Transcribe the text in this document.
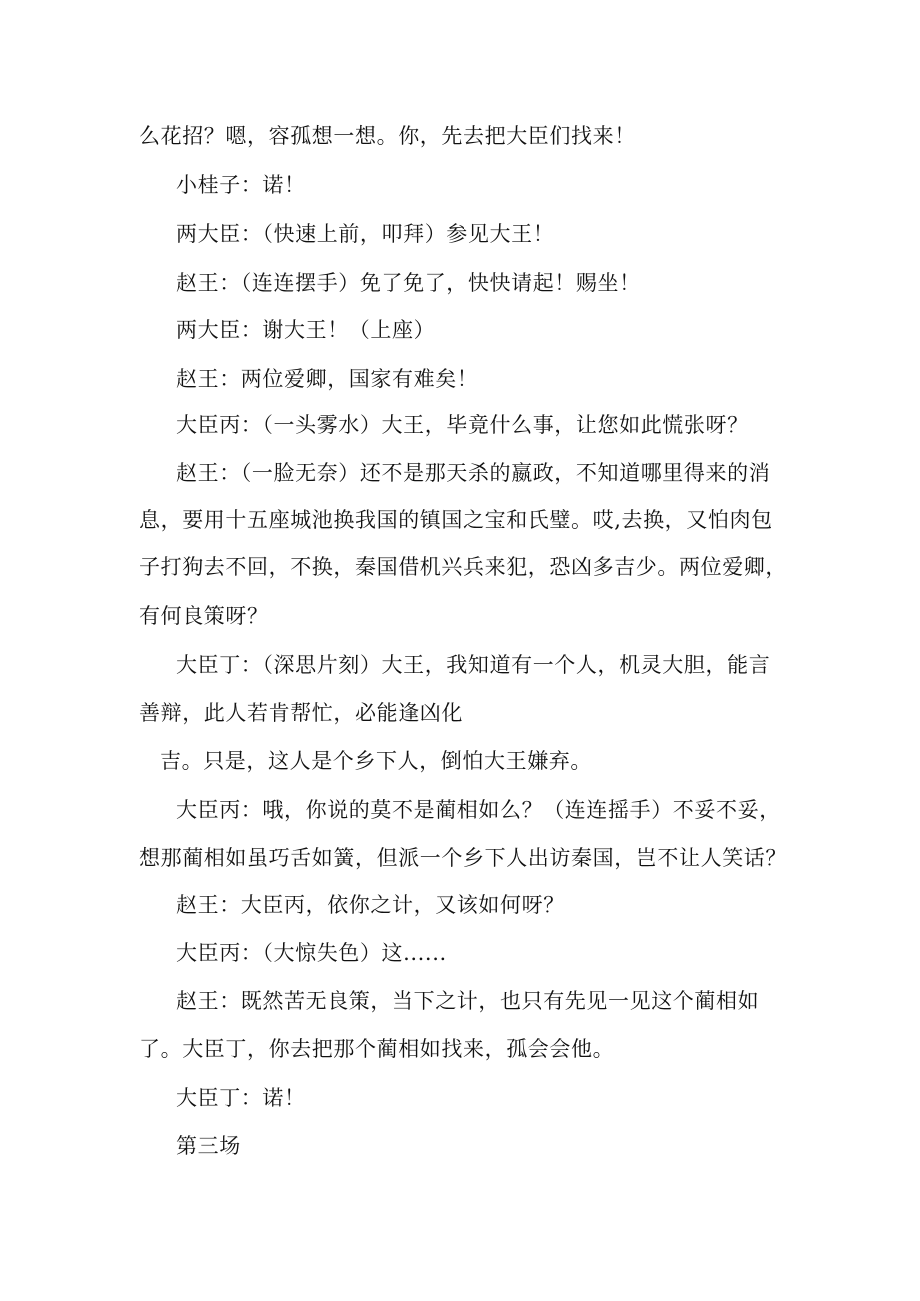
么花招？嗯，容孤想一想。你，先去把大臣们找来！
小桂子：诺！
两大臣：（快速上前，叩拜）参见大王！
赵王：（连连摆手）免了免了，快快请起！赐坐！
两大臣：谢大王！（上座）
赵王：两位爱卿，国家有难矣！
大臣丙：（一头雾水）大王，毕竟什么事，让您如此慌张呀？
赵王：（一脸无奈）还不是那天杀的嬴政，不知道哪里得来的消
息，要用十五座城池换我国的镇国之宝和氏璧。哎,去换，又怕肉包
子打狗去不回，不换，秦国借机兴兵来犯，恐凶多吉少。两位爱卿，
有何良策呀？
大臣丁：（深思片刻）大王，我知道有一个人，机灵大胆，能言
善辩，此人若肯帮忙，必能逢凶化
吉。只是，这人是个乡下人，倒怕大王嫌弃。
大臣丙：哦，你说的莫不是蔺相如么？（连连摇手）不妥不妥，
想那蔺相如虽巧舌如簧，但派一个乡下人出访秦国，岂不让人笑话？
赵王：大臣丙，依你之计，又该如何呀？
大臣丙：（大惊失色）这......
赵王：既然苦无良策，当下之计，也只有先见一见这个蔺相如
了。大臣丁，你去把那个蔺相如找来，孤会会他。
大臣丁：诺！
第三场
